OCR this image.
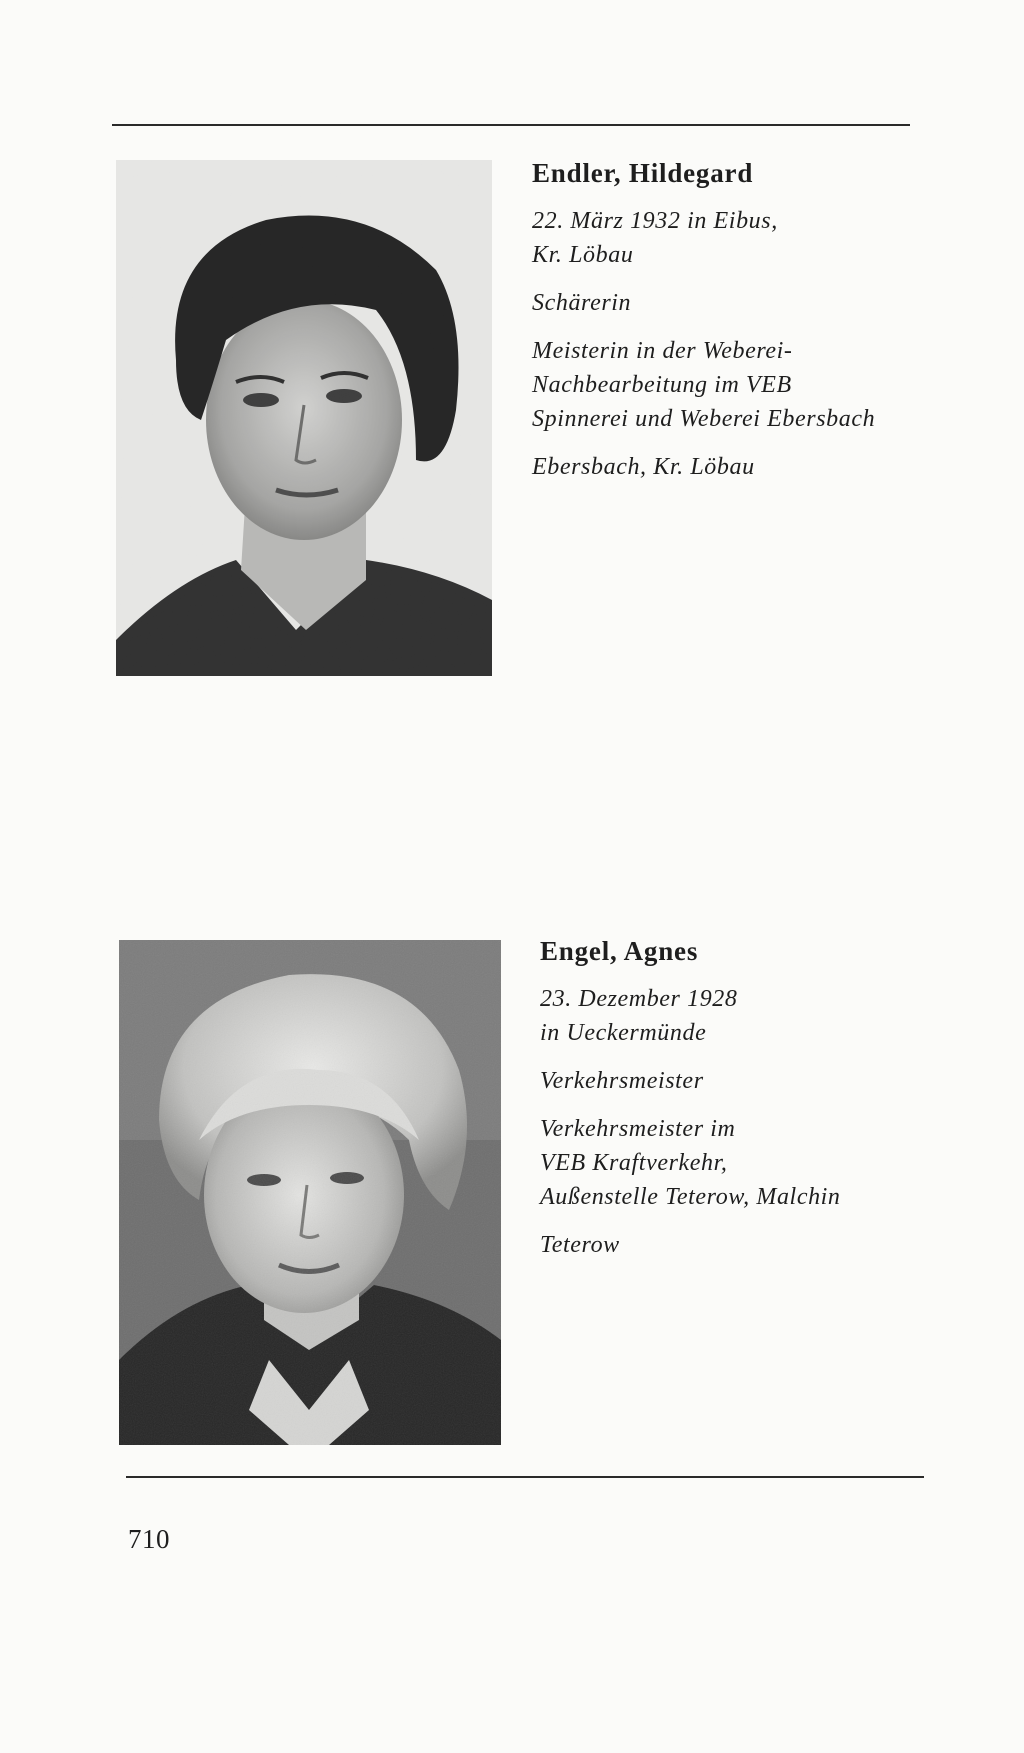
Endler, Hildegard
22. März 1932 in Eibus,
Kr. Löbau
Schärerin
Meisterin in der Weberei-
Nachbearbeitung im VEB
Spinnerei und Weberei Ebersbach
Ebersbach, Kr. Löbau
Engel, Agnes
23. Dezember 1928
in Ueckermünde
Verkehrsmeister
Verkehrsmeister im
VEB Kraftverkehr,
Außenstelle Teterow, Malchin
Teterow
710
